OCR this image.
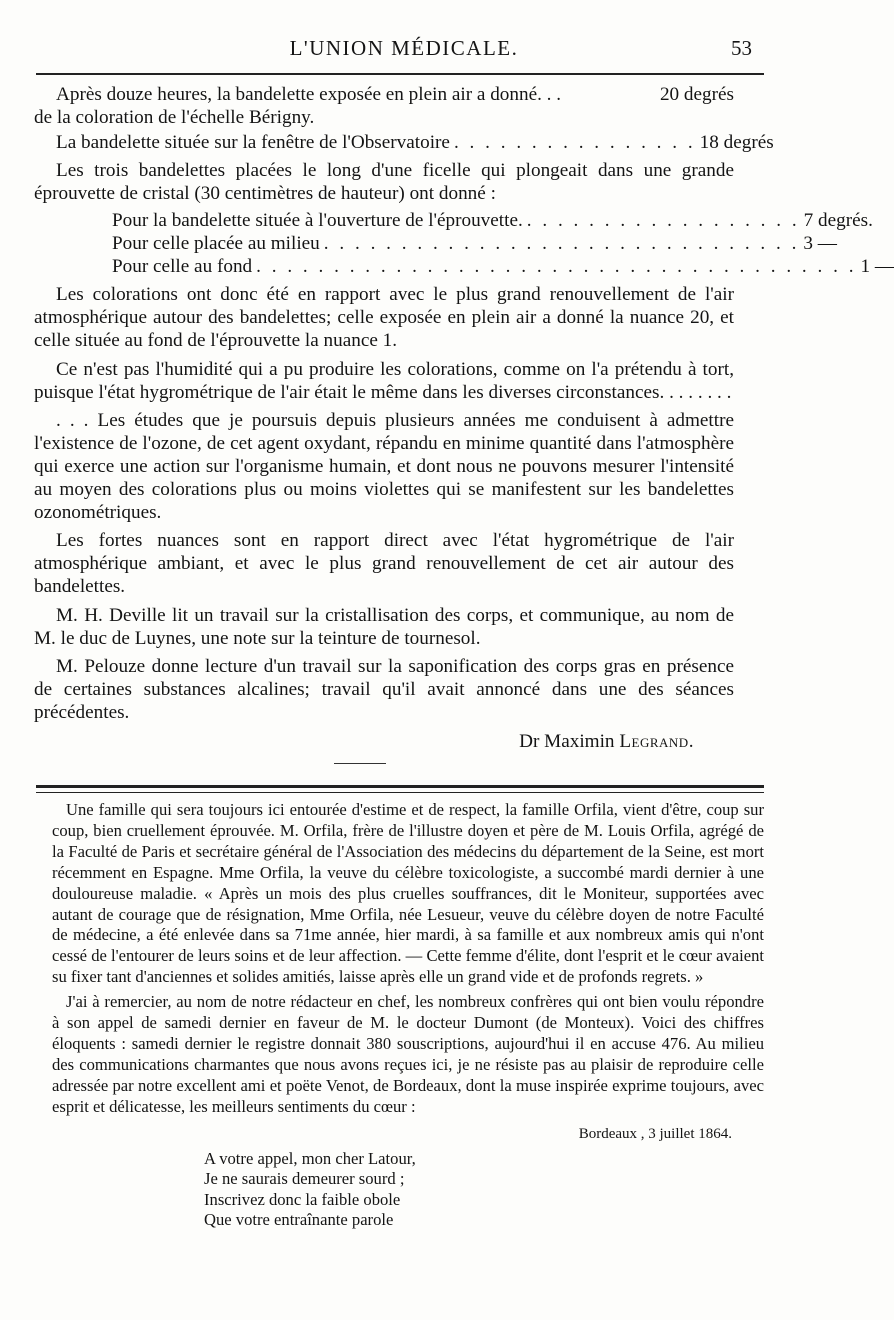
L'UNION MÉDICALE.	53
Après douze heures, la bandelette exposée en plein air a donné. . .	20 degrés

de la coloration de l'échelle Bérigny.

La bandelette située sur la fenêtre de l'Observatoire . . . . . . . . . . . . . . . . 18 degrés

Les trois bandelettes placées le long d'une ficelle qui plongeait dans une grande éprouvette de cristal (30 centimètres de hauteur) ont donné :

Pour la bandelette située à l'ouverture de l'éprouvette. . . . . . . . . . . . . . . . . . . 7 degrés.
Pour celle placée au milieu . . . . . . . . . . . . . . . . . . . . . . . . . . . . . . . 3 —
Pour celle au fond . . . . . . . . . . . . . . . . . . . . . . . . . . . . . . . . . . . . . . . 1 —

Les colorations ont donc été en rapport avec le plus grand renouvellement de l'air atmosphérique autour des bandelettes; celle exposée en plein air a donné la nuance 20, et celle située au fond de l'éprouvette la nuance 1.

Ce n'est pas l'humidité qui a pu produire les colorations, comme on l'a prétendu à tort, puisque l'état hygrométrique de l'air était le même dans les diverses circonstances. . . . . . . .

. . . Les études que je poursuis depuis plusieurs années me conduisent à admettre l'existence de l'ozone, de cet agent oxydant, répandu en minime quantité dans l'atmosphère qui exerce une action sur l'organisme humain, et dont nous ne pouvons mesurer l'intensité au moyen des colorations plus ou moins violettes qui se manifestent sur les bandelettes ozonométriques.

Les fortes nuances sont en rapport direct avec l'état hygrométrique de l'air atmosphérique ambiant, et avec le plus grand renouvellement de cet air autour des bandelettes.

M. H. Deville lit un travail sur la cristallisation des corps, et communique, au nom de M. le duc de Luynes, une note sur la teinture de tournesol.

M. Pelouze donne lecture d'un travail sur la saponification des corps gras en présence de certaines substances alcalines; travail qu'il avait annoncé dans une des séances précédentes.

Dr Maximin Legrand.

Une famille qui sera toujours ici entourée d'estime et de respect, la famille Orfila, vient d'être, coup sur coup, bien cruellement éprouvée. M. Orfila, frère de l'illustre doyen et père de M. Louis Orfila, agrégé de la Faculté de Paris et secrétaire général de l'Association des médecins du département de la Seine, est mort récemment en Espagne. Mme Orfila, la veuve du célèbre toxicologiste, a succombé mardi dernier à une douloureuse maladie. « Après un mois des plus cruelles souffrances, dit le Moniteur, supportées avec autant de courage que de résignation, Mme Orfila, née Lesueur, veuve du célèbre doyen de notre Faculté de médecine, a été enlevée dans sa 71me année, hier mardi, à sa famille et aux nombreux amis qui n'ont cessé de l'entourer de leurs soins et de leur affection. — Cette femme d'élite, dont l'esprit et le cœur avaient su fixer tant d'anciennes et solides amitiés, laisse après elle un grand vide et de profonds regrets. »

J'ai à remercier, au nom de notre rédacteur en chef, les nombreux confrères qui ont bien voulu répondre à son appel de samedi dernier en faveur de M. le docteur Dumont (de Monteux). Voici des chiffres éloquents : samedi dernier le registre donnait 380 souscriptions, aujourd'hui il en accuse 476. Au milieu des communications charmantes que nous avons reçues ici, je ne résiste pas au plaisir de reproduire celle adressée par notre excellent ami et poëte Venot, de Bordeaux, dont la muse inspirée exprime toujours, avec esprit et délicatesse, les meilleurs sentiments du cœur :

Bordeaux , 3 juillet 1864.
A votre appel, mon cher Latour,
Je ne saurais demeurer sourd ;
Inscrivez donc la faible obole
Que votre entraînante parole
